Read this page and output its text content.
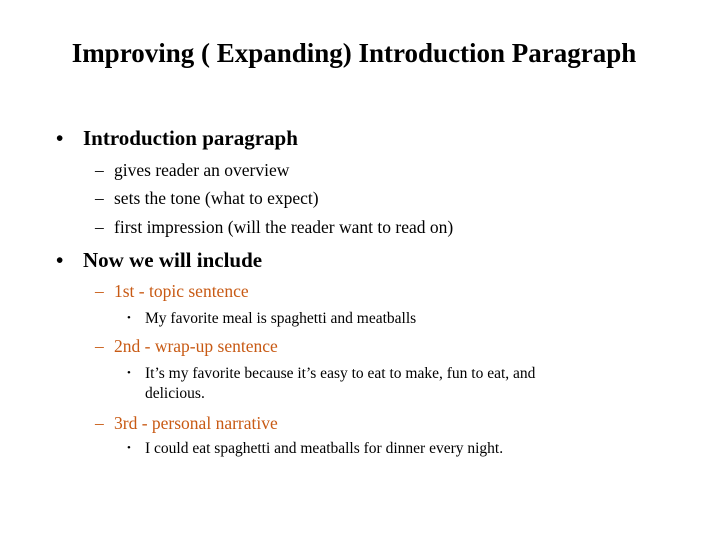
Improving ( Expanding) Introduction Paragraph
• Introduction paragraph
– gives reader an overview
– sets the tone (what to expect)
– first impression (will the reader want to read on)
• Now we will include
– 1st - topic sentence
• My favorite meal is spaghetti and meatballs
– 2nd - wrap-up sentence
• It’s my favorite because it’s easy to eat to make, fun to eat, and
delicious.
– 3rd - personal narrative
• I could eat spaghetti and meatballs for dinner every night.
